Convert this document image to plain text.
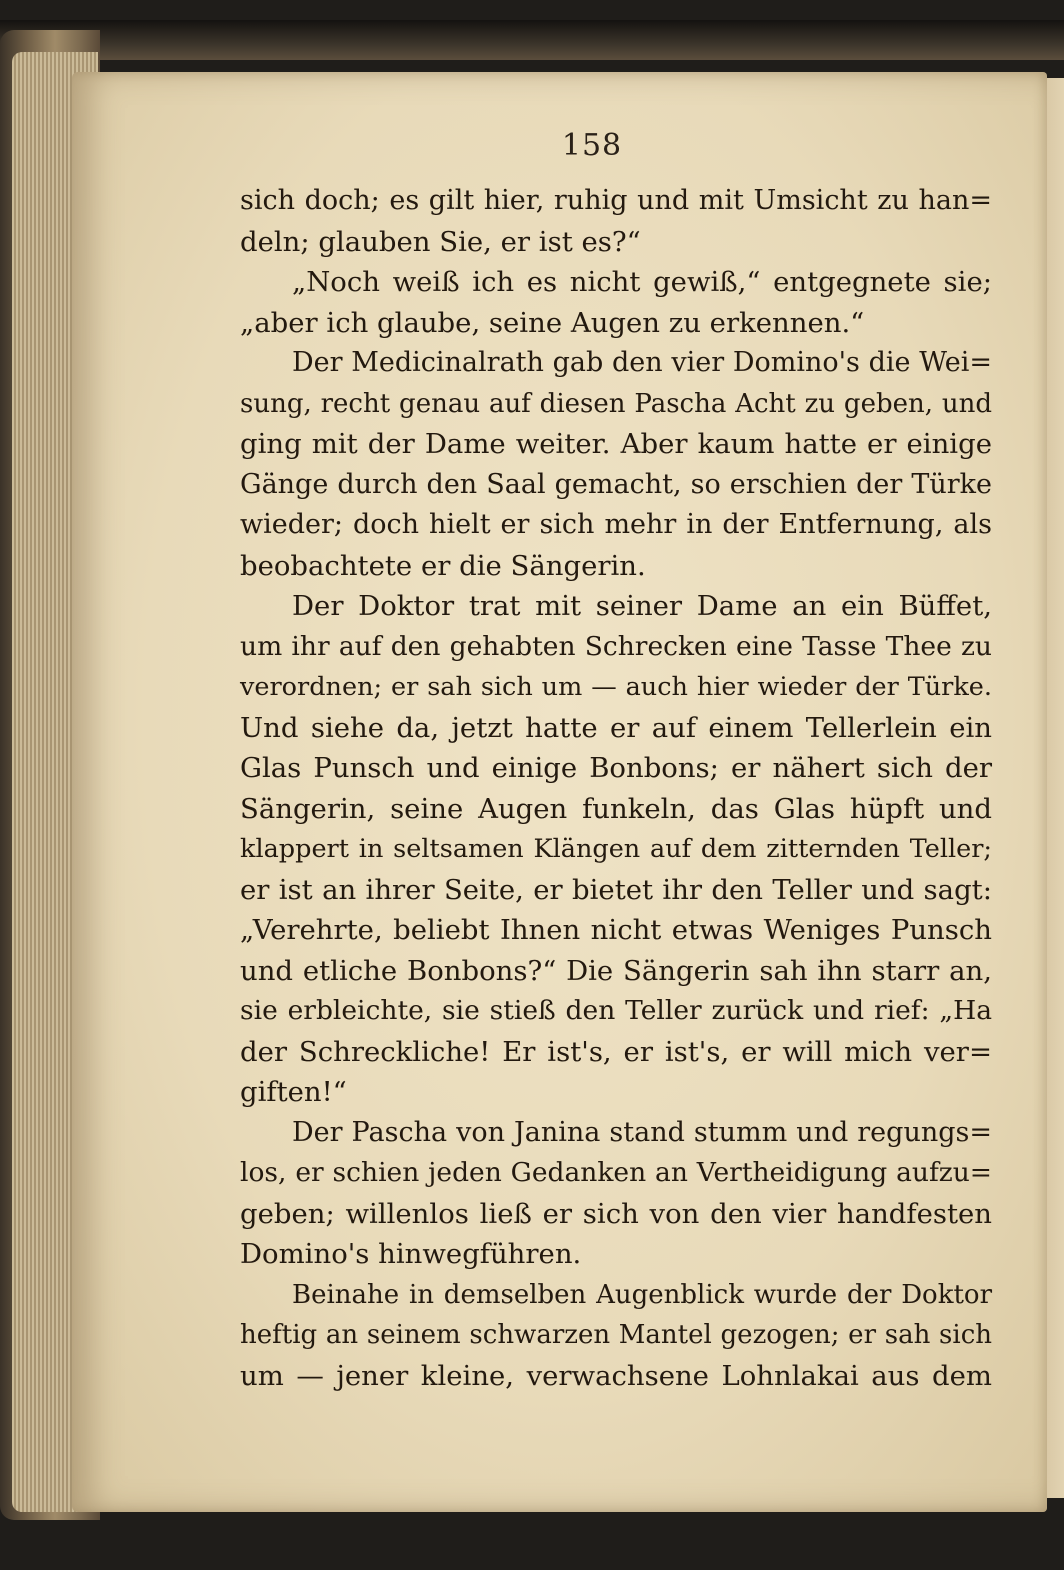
158
sich doch; es gilt hier, ruhig und mit Umsicht zu han=
deln; glauben Sie, er ist es?“
„Noch weiß ich es nicht gewiß,“ entgegnete sie;
„aber ich glaube, seine Augen zu erkennen.“
Der Medicinalrath gab den vier Domino's die Wei=
sung, recht genau auf diesen Pascha Acht zu geben, und
ging mit der Dame weiter. Aber kaum hatte er einige
Gänge durch den Saal gemacht, so erschien der Türke
wieder; doch hielt er sich mehr in der Entfernung, als
beobachtete er die Sängerin.
Der Doktor trat mit seiner Dame an ein Büffet,
um ihr auf den gehabten Schrecken eine Tasse Thee zu
verordnen; er sah sich um — auch hier wieder der Türke.
Und siehe da, jetzt hatte er auf einem Tellerlein ein
Glas Punsch und einige Bonbons; er nähert sich der
Sängerin, seine Augen funkeln, das Glas hüpft und
klappert in seltsamen Klängen auf dem zitternden Teller;
er ist an ihrer Seite, er bietet ihr den Teller und sagt:
„Verehrte, beliebt Ihnen nicht etwas Weniges Punsch
und etliche Bonbons?“ Die Sängerin sah ihn starr an,
sie erbleichte, sie stieß den Teller zurück und rief: „Ha
der Schreckliche! Er ist's, er ist's, er will mich ver=
giften!“
Der Pascha von Janina stand stumm und regungs=
los, er schien jeden Gedanken an Vertheidigung aufzu=
geben; willenlos ließ er sich von den vier handfesten
Domino's hinwegführen.
Beinahe in demselben Augenblick wurde der Doktor
heftig an seinem schwarzen Mantel gezogen; er sah sich
um — jener kleine, verwachsene Lohnlakai aus dem
